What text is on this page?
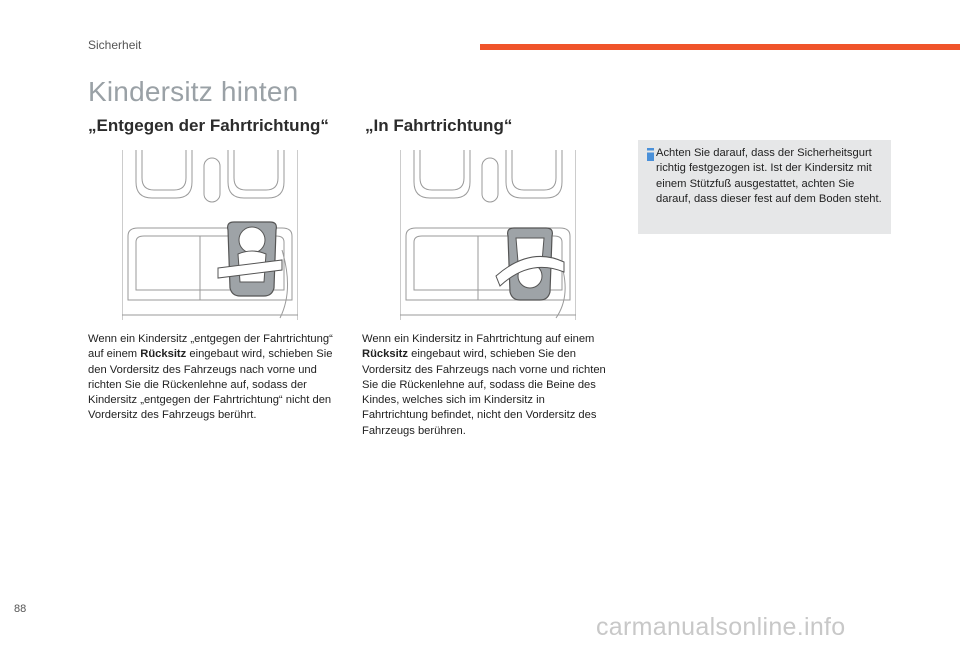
Sicherheit
Kindersitz hinten
„Entgegen der Fahrtrichtung“ „In Fahrtrichtung“
Wenn ein Kindersitz „entgegen der Fahrtrichtung“ auf einem Rücksitz eingebaut wird, schieben Sie den Vordersitz des Fahrzeugs nach vorne und richten Sie die Rückenlehne auf, sodass der Kindersitz „entgegen der Fahrtrichtung“ nicht den Vordersitz des Fahrzeugs berührt.
Wenn ein Kindersitz in Fahrtrichtung auf einem Rücksitz eingebaut wird, schieben Sie den Vordersitz des Fahrzeugs nach vorne und richten Sie die Rückenlehne auf, sodass die Beine des Kindes, welches sich im Kindersitz in Fahrtrichtung befindet, nicht den Vordersitz des Fahrzeugs berühren.
Achten Sie darauf, dass der Sicherheitsgurt richtig festgezogen ist. Ist der Kindersitz mit einem Stützfuß ausgestattet, achten Sie darauf, dass dieser fest auf dem Boden steht.
88
carmanualsonline.info
